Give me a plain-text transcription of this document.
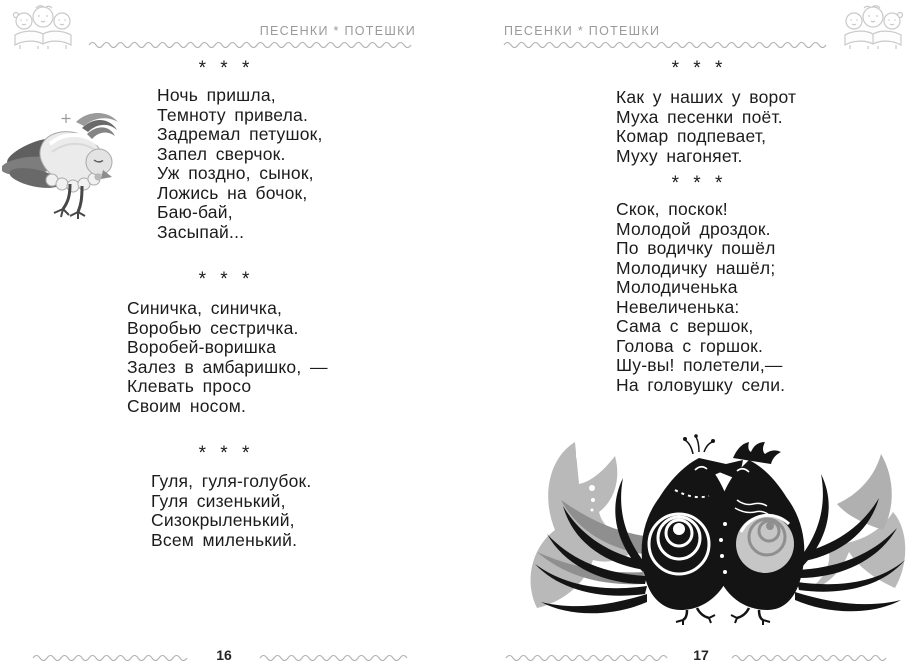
ПЕСЕНКИ * ПОТЕШКИ
* * *
Ночь пришла,
Темноту привела.
Задремал петушок,
Запел сверчок.
Уж поздно, сынок,
Ложись на бочок,
Баю-бай,
Засыпай...
* * *
Синичка, синичка,
Воробью сестричка.
Воробей-воришка
Залез в амбаришко, —
Клевать просо
Своим носом.
* * *
Гуля, гуля-голубок.
Гуля сизенький,
Сизокрыленький,
Всем миленький.
16
ПЕСЕНКИ * ПОТЕШКИ
* * *
Как у наших у ворот
Муха песенки поёт.
Комар подпевает,
Муху нагоняет.
* * *
Скок, поскок!
Молодой дроздок.
По водичку пошёл
Молодичку нашёл;
Молодиченька
Невеличенька:
Сама с вершок,
Голова с горшок.
Шу-вы! полетели,—
На головушку сели.
17
